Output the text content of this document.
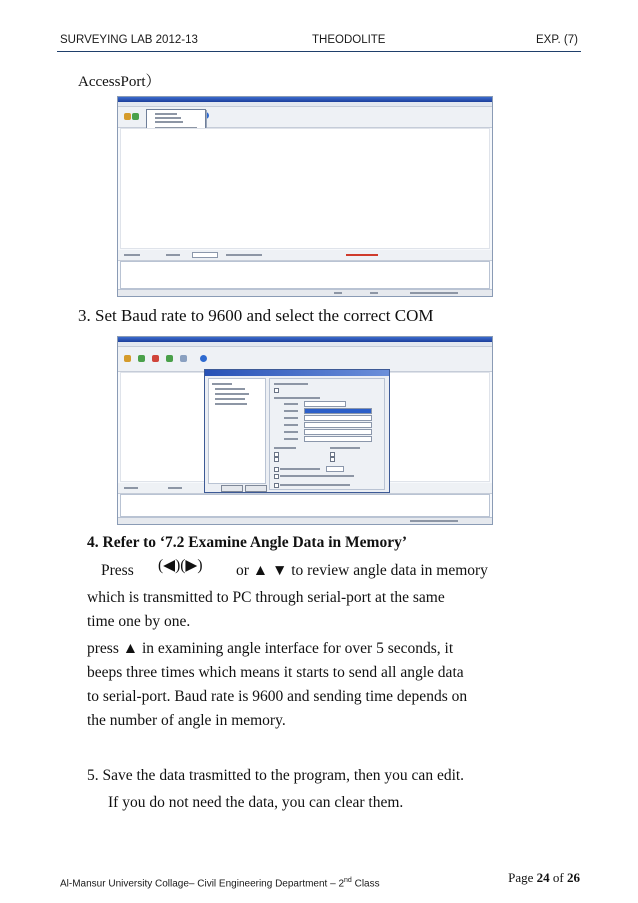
SURVEYING LAB 2012-13	THEODOLITE	EXP. (7)
AccessPort）
3. Set Baud rate to 9600 and select the correct COM
4. Refer to ‘7.2 Examine Angle Data in Memory’
Press (◀)(▶) or ▲ ▼ to review angle data in memory
which is transmitted to PC through serial-port at the same
time one by one.
press ▲ in examining angle interface for over 5 seconds, it
beeps three times which means it starts to send all angle data
to serial-port. Baud rate is 9600 and sending time depends on
the number of angle in memory.
5. Save the data trasmitted to the program, then you can edit.
If you do not need the data, you can clear them.
Al-Mansur University Collage– Civil Engineering Department – 2nd Class	Page 24 of 26
